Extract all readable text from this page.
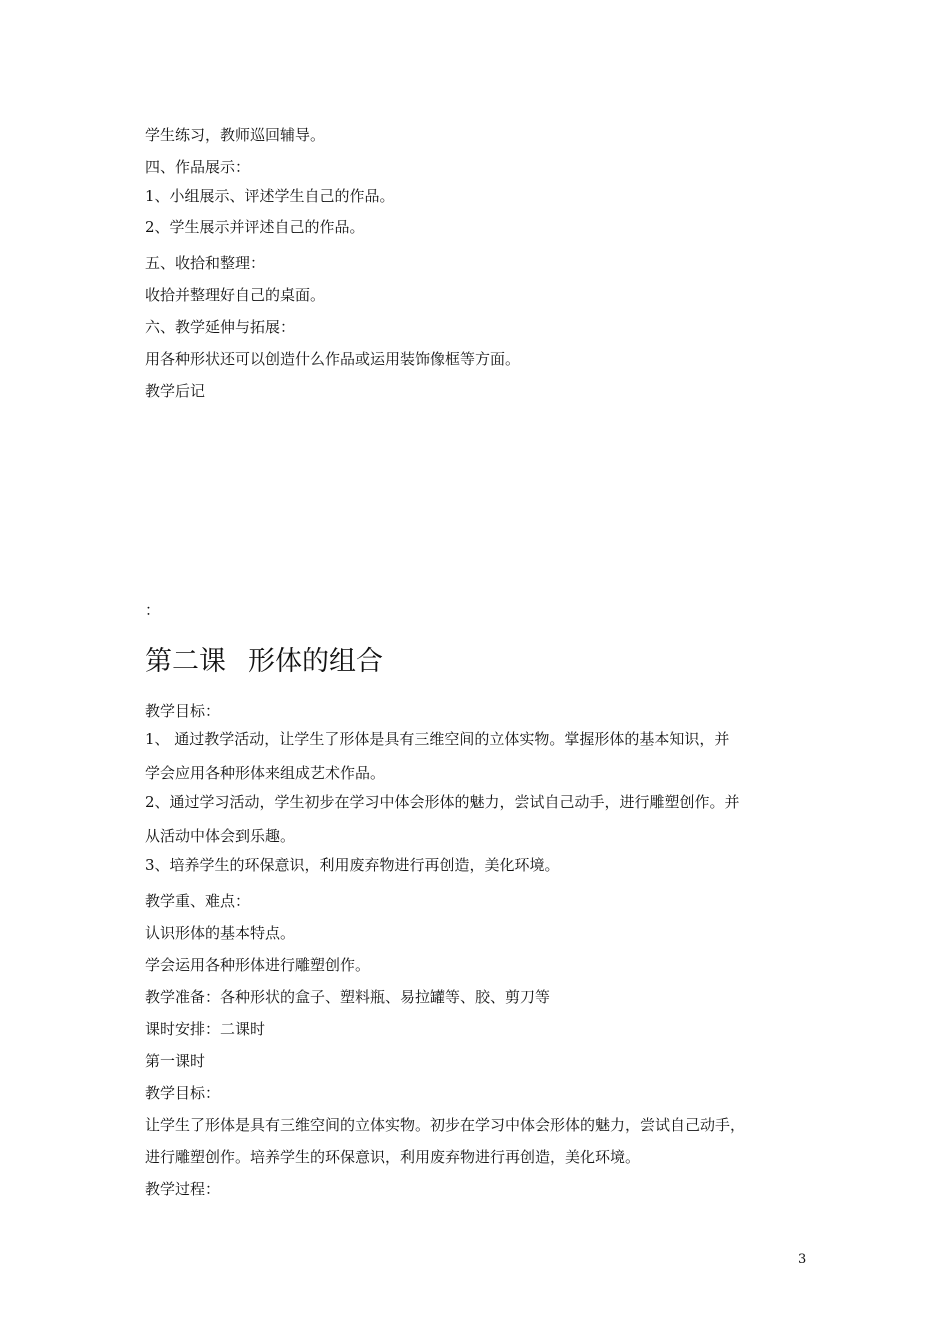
学生练习，教师巡回辅导。
四、作品展示：
1、小组展示、评述学生自己的作品。
2、学生展示并评述自己的作品。
五、收拾和整理：
收拾并整理好自己的桌面。
六、教学延伸与拓展：
用各种形状还可以创造什么作品或运用装饰像框等方面。
教学后记
：
第二课 形体的组合
教学目标：
1、 通过教学活动，让学生了形体是具有三维空间的立体实物。掌握形体的基本知识，并
学会应用各种形体来组成艺术作品。
2、通过学习活动，学生初步在学习中体会形体的魅力，尝试自己动手，进行雕塑创作。并
从活动中体会到乐趣。
3、培养学生的环保意识，利用废弃物进行再创造，美化环境。
教学重、难点：
认识形体的基本特点。
学会运用各种形体进行雕塑创作。
教学准备：各种形状的盒子、塑料瓶、易拉罐等、胶、剪刀等
课时安排：二课时
第一课时
教学目标：
让学生了形体是具有三维空间的立体实物。初步在学习中体会形体的魅力，尝试自己动手，
进行雕塑创作。培养学生的环保意识，利用废弃物进行再创造，美化环境。
教学过程：
3
